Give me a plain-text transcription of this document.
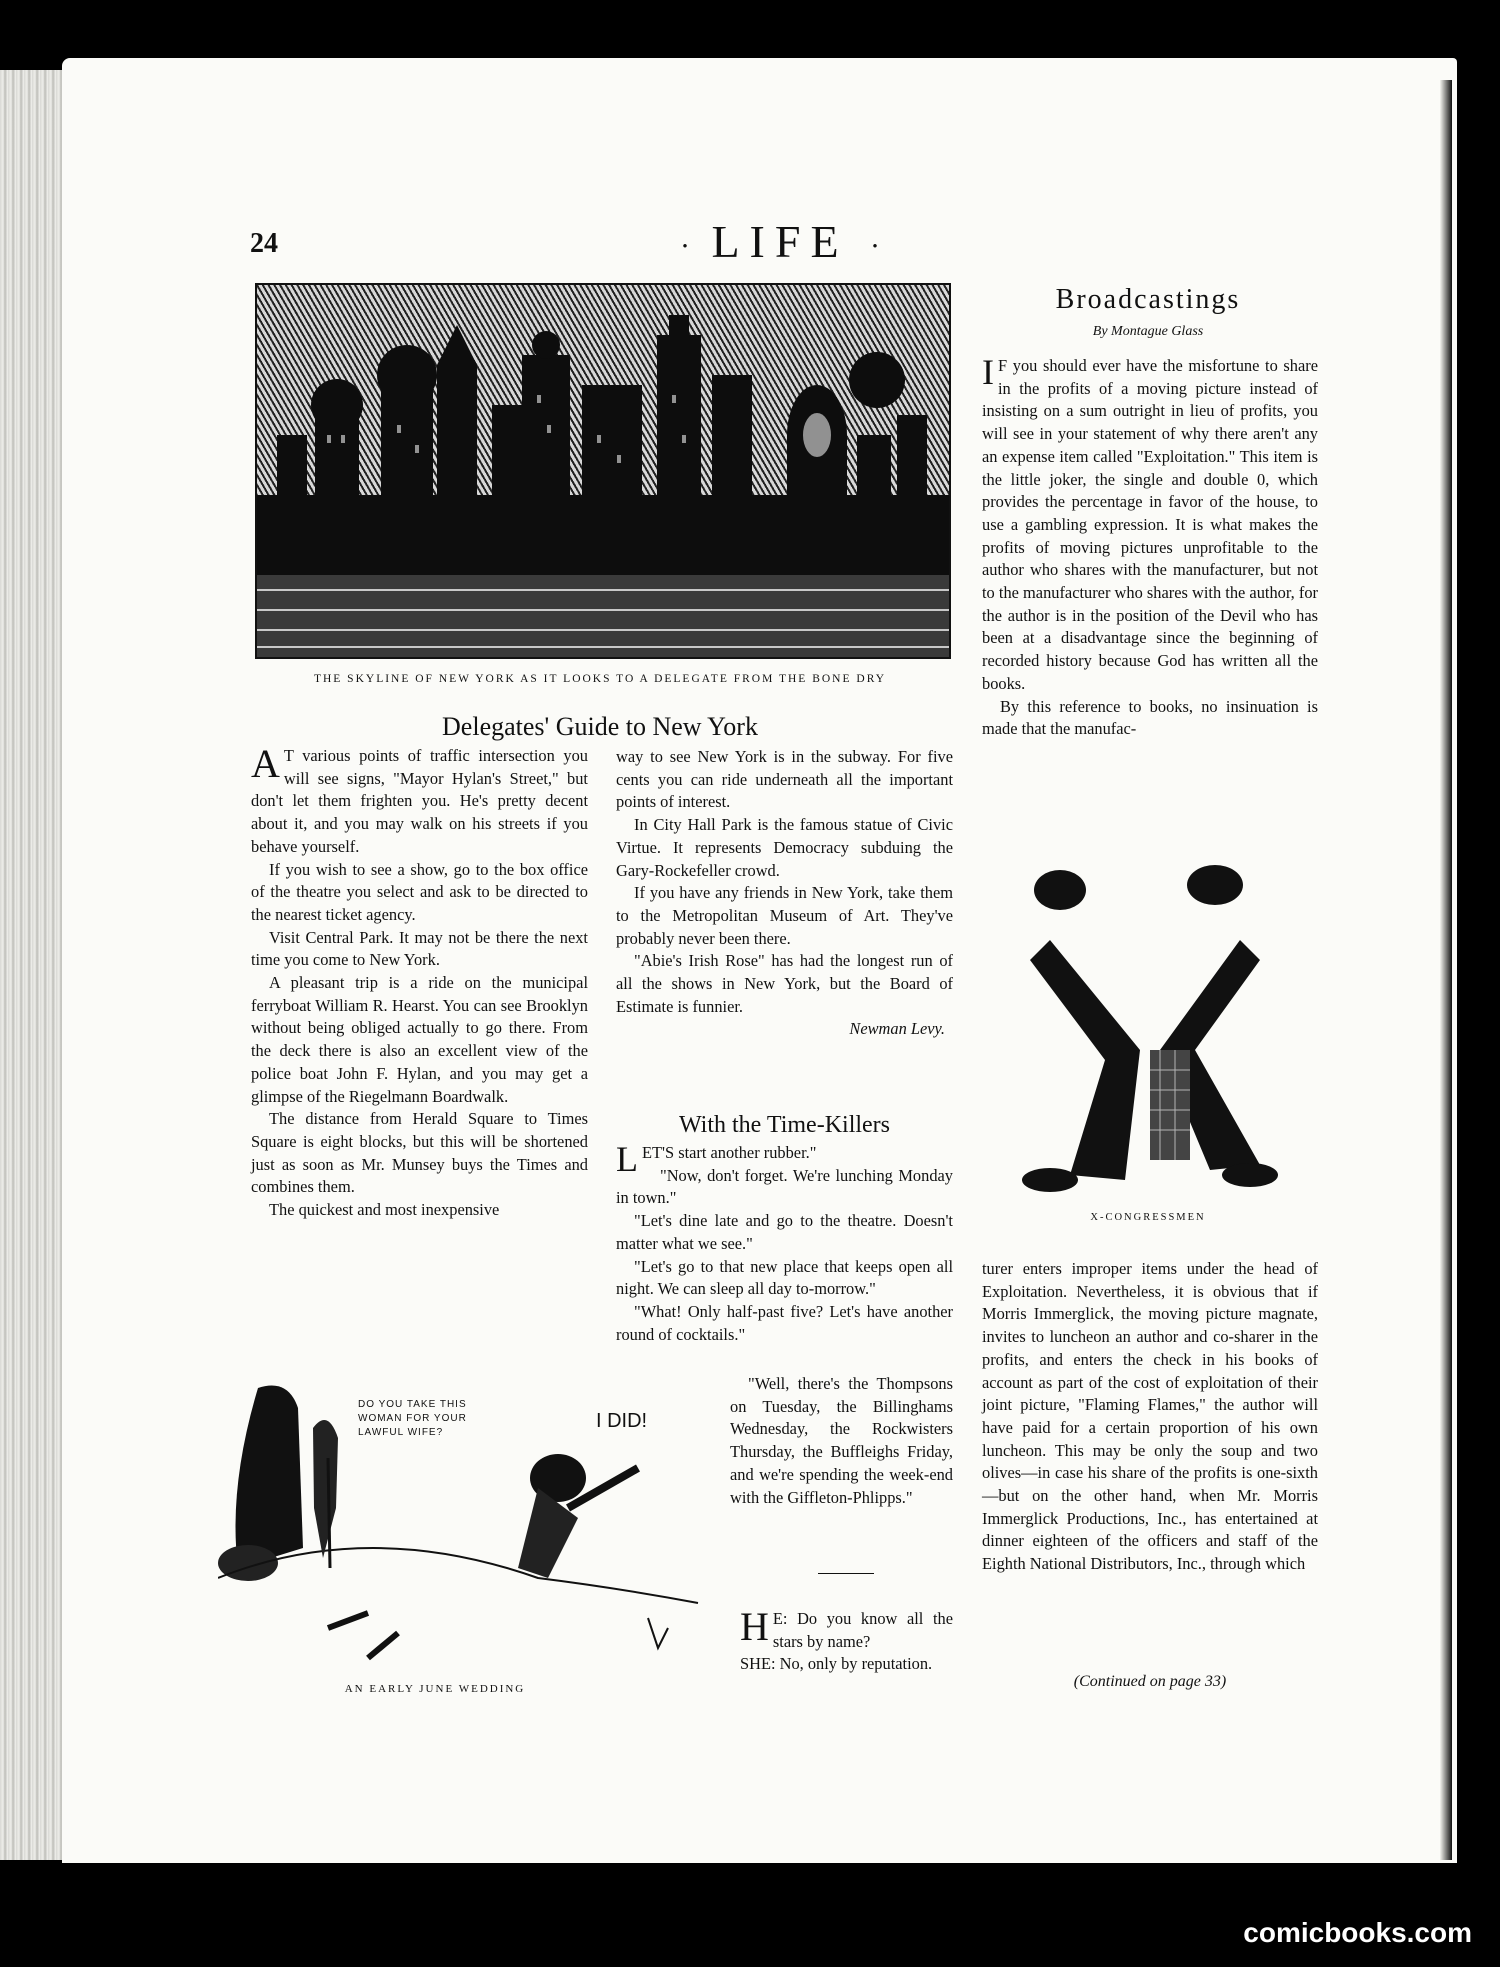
24	· LIFE ·
THE SKYLINE OF NEW YORK AS IT LOOKS TO A DELEGATE FROM THE BONE DRY
Delegates' Guide to New York

A T various points of traffic intersection you will see signs, "Mayor Hylan's Street," but don't let them frighten you. He's pretty decent about it, and you may walk on his streets if you behave yourself.

If you wish to see a show, go to the box office of the theatre you select and ask to be directed to the nearest ticket agency.

Visit Central Park. It may not be there the next time you come to New York.

A pleasant trip is a ride on the municipal ferryboat William R. Hearst. You can see Brooklyn without being obliged actually to go there. From the deck there is also an excellent view of the police boat John F. Hylan, and you may get a glimpse of the Riegelmann Boardwalk.

The distance from Herald Square to Times Square is eight blocks, but this will be shortened just as soon as Mr. Munsey buys the Times and combines them.

The quickest and most inexpensive

way to see New York is in the subway. For five cents you can ride underneath all the important points of interest.

In City Hall Park is the famous statue of Civic Virtue. It represents Democracy subduing the Gary-Rockefeller crowd.

If you have any friends in New York, take them to the Metropolitan Museum of Art. They've probably never been there.

"Abie's Irish Rose" has had the longest run of all the shows in New York, but the Board of Estimate is funnier.

Newman Levy.
With the Time-Killers

LET'S start another rubber."

"Now, don't forget. We're lunching Monday in town."

"Let's dine late and go to the theatre. Doesn't matter what we see."

"Let's go to that new place that keeps open all night. We can sleep all day to-morrow."

"What! Only half-past five? Let's have another round of cocktails."

"Well, there's the Thompsons on Tuesday, the Billinghams Wednesday, the Rockwisters Thursday, the Buffleighs Friday, and we're spending the week-end with the Giffleton-Phlipps."

H E: Do you know all the stars by name?

SHE: No, only by reputation.

DO YOU TAKE THIS WOMAN FOR YOUR LAWFUL WIFE?
I DID!
AN EARLY JUNE WEDDING
Broadcastings
By Montague Glass

I F you should ever have the misfortune to share in the profits of a moving picture instead of insisting on a sum outright in lieu of profits, you will see in your statement of why there aren't any an expense item called "Exploitation." This item is the little joker, the single and double 0, which provides the percentage in favor of the house, to use a gambling expression. It is what makes the profits of moving pictures unprofitable to the author who shares with the manufacturer, but not to the manufacturer who shares with the author, for the author is in the position of the Devil who has been at a disadvantage since the beginning of recorded history because God has written all the books.

By this reference to books, no insinuation is made that the manufac-

X-CONGRESSMEN

turer enters improper items under the head of Exploitation. Nevertheless, it is obvious that if Morris Immerglick, the moving picture magnate, invites to luncheon an author and co-sharer in the profits, and enters the check in his books of account as part of the cost of exploitation of their joint picture, "Flaming Flames," the author will have paid for a certain proportion of his own luncheon. This may be only the soup and two olives—in case his share of the profits is one-sixth—but on the other hand, when Mr. Morris Immerglick Productions, Inc., has entertained at dinner eighteen of the officers and staff of the Eighth National Distributors, Inc., through which

(Continued on page 33)
comicbooks.com
